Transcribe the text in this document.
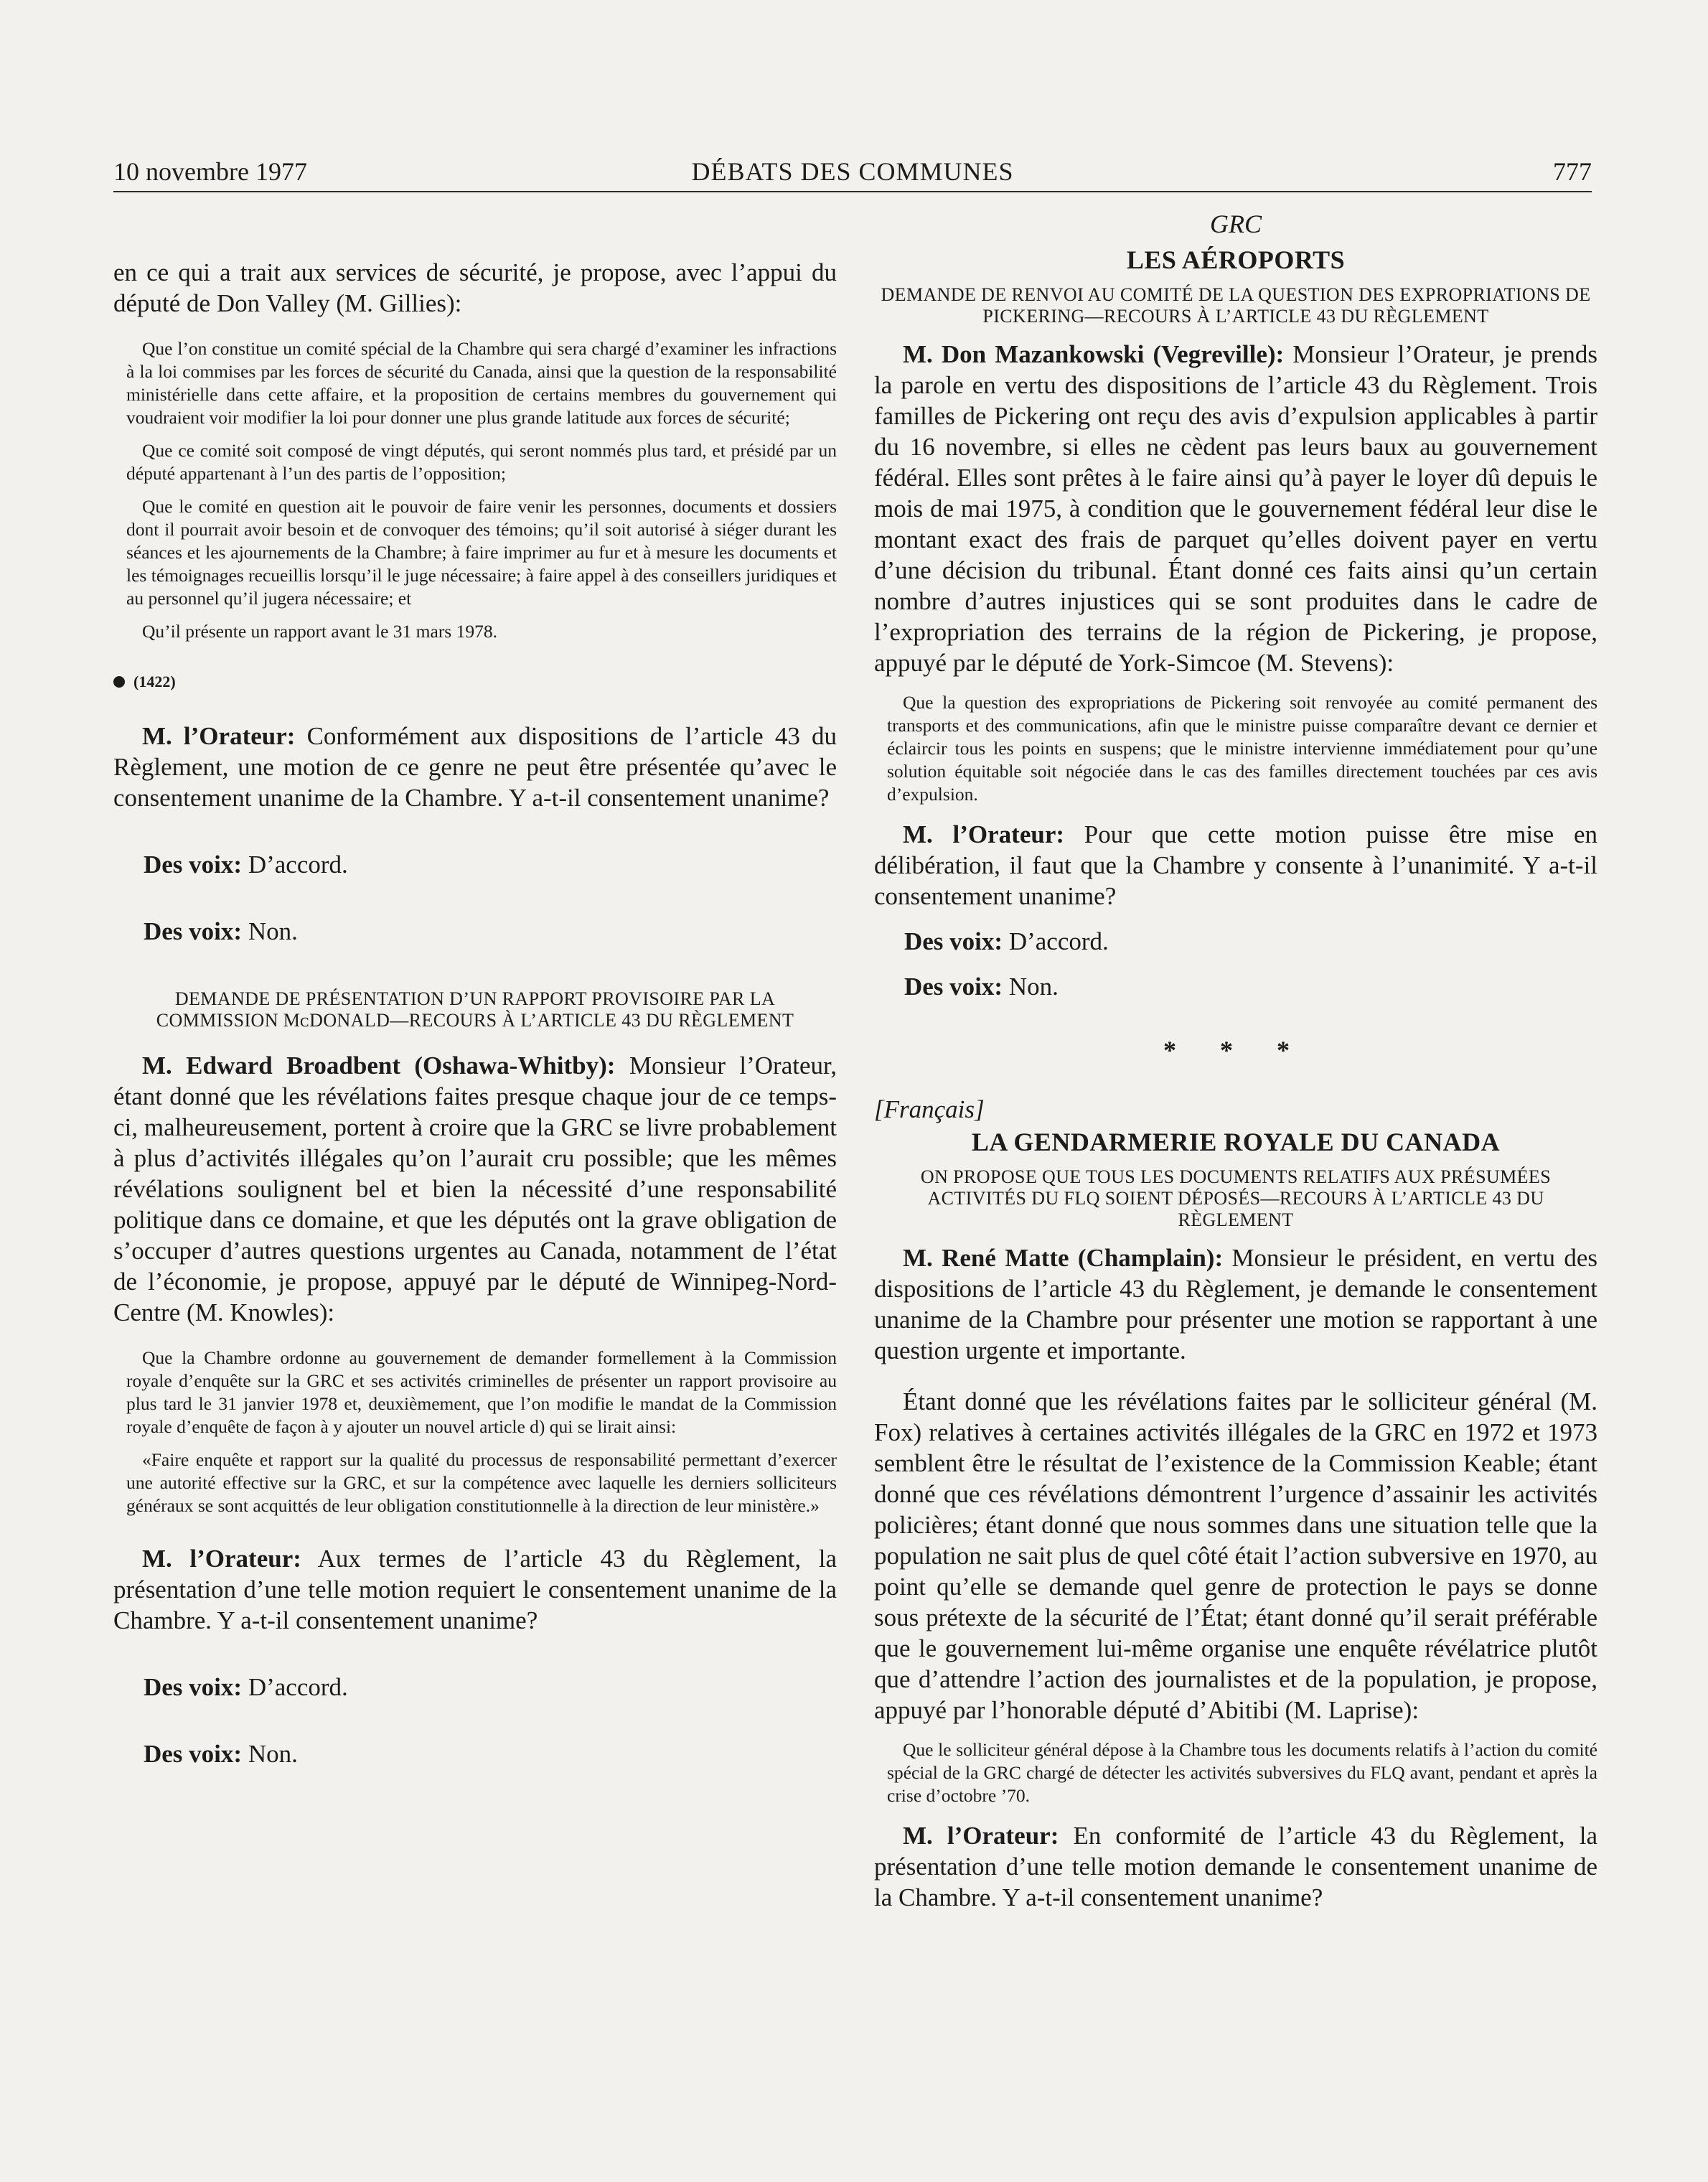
10 novembre 1977	DÉBATS DES COMMUNES	777

en ce qui a trait aux services de sécurité, je propose, avec l’appui du député de Don Valley (M. Gillies):

Que l’on constitue un comité spécial de la Chambre qui sera chargé d’examiner les infractions à la loi commises par les forces de sécurité du Canada, ainsi que la question de la responsabilité ministérielle dans cette affaire, et la proposition de certains membres du gouvernement qui voudraient voir modifier la loi pour donner une plus grande latitude aux forces de sécurité;

Que ce comité soit composé de vingt députés, qui seront nommés plus tard, et présidé par un député appartenant à l’un des partis de l’opposition;

Que le comité en question ait le pouvoir de faire venir les personnes, documents et dossiers dont il pourrait avoir besoin et de convoquer des témoins; qu’il soit autorisé à siéger durant les séances et les ajournements de la Chambre; à faire imprimer au fur et à mesure les documents et les témoignages recueillis lorsqu’il le juge nécessaire; à faire appel à des conseillers juridiques et au personnel qu’il jugera nécessaire; et

Qu’il présente un rapport avant le 31 mars 1978.

(1422)

M. l’Orateur: Conformément aux dispositions de l’article 43 du Règlement, une motion de ce genre ne peut être présentée qu’avec le consentement unanime de la Chambre. Y a-t-il consentement unanime?

Des voix: D’accord.

Des voix: Non.

DEMANDE DE PRÉSENTATION D’UN RAPPORT PROVISOIRE PAR LA COMMISSION MᴄDONALD—RECOURS À L’ARTICLE 43 DU RÈGLEMENT

M. Edward Broadbent (Oshawa-Whitby): Monsieur l’Orateur, étant donné que les révélations faites presque chaque jour de ce temps-ci, malheureusement, portent à croire que la GRC se livre probablement à plus d’activités illégales qu’on l’aurait cru possible; que les mêmes révélations soulignent bel et bien la nécessité d’une responsabilité politique dans ce domaine, et que les députés ont la grave obligation de s’occuper d’autres questions urgentes au Canada, notamment de l’état de l’économie, je propose, appuyé par le député de Winnipeg-Nord-Centre (M. Knowles):

Que la Chambre ordonne au gouvernement de demander formellement à la Commission royale d’enquête sur la GRC et ses activités criminelles de présenter un rapport provisoire au plus tard le 31 janvier 1978 et, deuxièmement, que l’on modifie le mandat de la Commission royale d’enquête de façon à y ajouter un nouvel article d) qui se lirait ainsi:

«Faire enquête et rapport sur la qualité du processus de responsabilité permettant d’exercer une autorité effective sur la GRC, et sur la compétence avec laquelle les derniers solliciteurs généraux se sont acquittés de leur obligation constitutionnelle à la direction de leur ministère.»

M. l’Orateur: Aux termes de l’article 43 du Règlement, la présentation d’une telle motion requiert le consentement unanime de la Chambre. Y a-t-il consentement unanime?

Des voix: D’accord.

Des voix: Non.

GRC

LES AÉROPORTS

DEMANDE DE RENVOI AU COMITÉ DE LA QUESTION DES EXPROPRIATIONS DE PICKERING—RECOURS À L’ARTICLE 43 DU RÈGLEMENT

M. Don Mazankowski (Vegreville): Monsieur l’Orateur, je prends la parole en vertu des dispositions de l’article 43 du Règlement. Trois familles de Pickering ont reçu des avis d’expulsion applicables à partir du 16 novembre, si elles ne cèdent pas leurs baux au gouvernement fédéral. Elles sont prêtes à le faire ainsi qu’à payer le loyer dû depuis le mois de mai 1975, à condition que le gouvernement fédéral leur dise le montant exact des frais de parquet qu’elles doivent payer en vertu d’une décision du tribunal. Étant donné ces faits ainsi qu’un certain nombre d’autres injustices qui se sont produites dans le cadre de l’expropriation des terrains de la région de Pickering, je propose, appuyé par le député de York-Simcoe (M. Stevens):

Que la question des expropriations de Pickering soit renvoyée au comité permanent des transports et des communications, afin que le ministre puisse comparaître devant ce dernier et éclaircir tous les points en suspens; que le ministre intervienne immédiatement pour qu’une solution équitable soit négociée dans le cas des familles directement touchées par ces avis d’expulsion.

M. l’Orateur: Pour que cette motion puisse être mise en délibération, il faut que la Chambre y consente à l’unanimité. Y a-t-il consentement unanime?

Des voix: D’accord.

Des voix: Non.

* * *

[Français]

LA GENDARMERIE ROYALE DU CANADA

ON PROPOSE QUE TOUS LES DOCUMENTS RELATIFS AUX PRÉSUMÉES ACTIVITÉS DU FLQ SOIENT DÉPOSÉS—RECOURS À L’ARTICLE 43 DU RÈGLEMENT

M. René Matte (Champlain): Monsieur le président, en vertu des dispositions de l’article 43 du Règlement, je demande le consentement unanime de la Chambre pour présenter une motion se rapportant à une question urgente et importante.

Étant donné que les révélations faites par le solliciteur général (M. Fox) relatives à certaines activités illégales de la GRC en 1972 et 1973 semblent être le résultat de l’existence de la Commission Keable; étant donné que ces révélations démontrent l’urgence d’assainir les activités policières; étant donné que nous sommes dans une situation telle que la population ne sait plus de quel côté était l’action subversive en 1970, au point qu’elle se demande quel genre de protection le pays se donne sous prétexte de la sécurité de l’État; étant donné qu’il serait préférable que le gouvernement lui-même organise une enquête révélatrice plutôt que d’attendre l’action des journalistes et de la population, je propose, appuyé par l’honorable député d’Abitibi (M. Laprise):

Que le solliciteur général dépose à la Chambre tous les documents relatifs à l’action du comité spécial de la GRC chargé de détecter les activités subversives du FLQ avant, pendant et après la crise d’octobre ’70.

M. l’Orateur: En conformité de l’article 43 du Règlement, la présentation d’une telle motion demande le consentement unanime de la Chambre. Y a-t-il consentement unanime?
